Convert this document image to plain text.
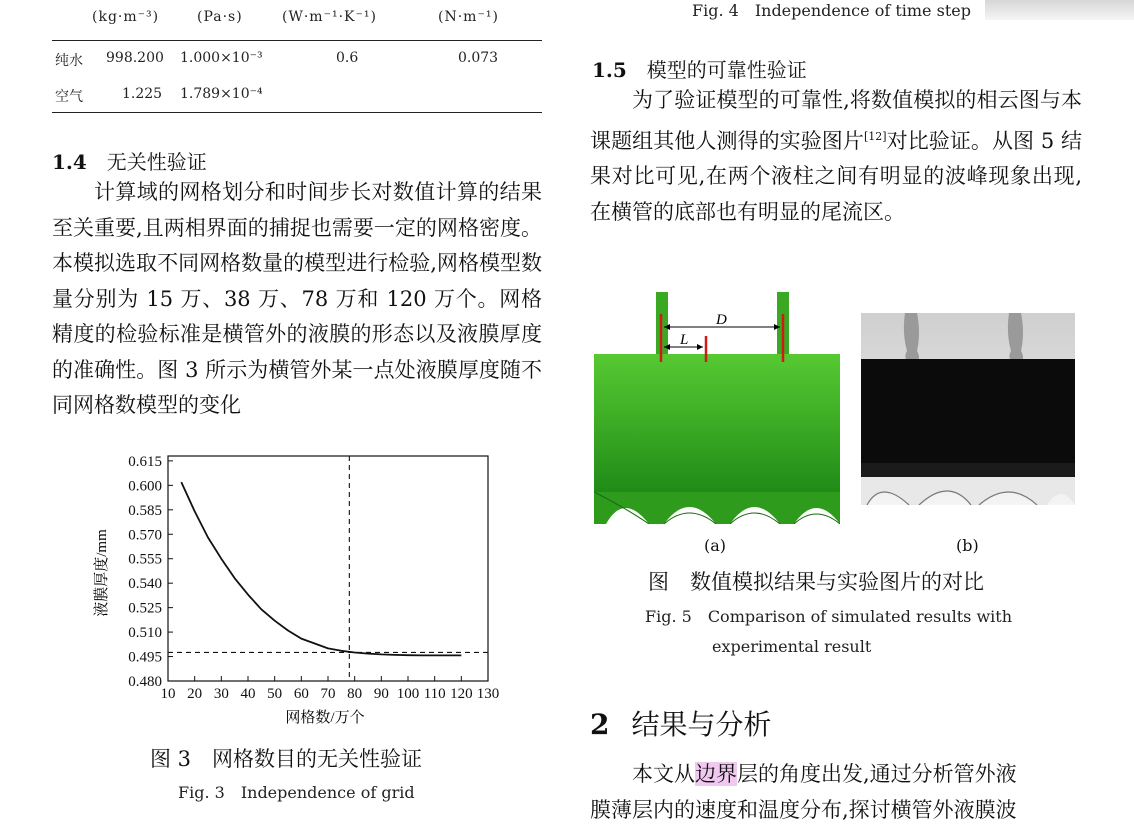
(kg·m⁻³)	(Pa·s)	(W·m⁻¹·K⁻¹)	(N·m⁻¹)
纯水 998.200 1.000×10⁻³	0.6	0.073
空气	1.225 1.789×10⁻⁴
1.4 无关性验证

计算域的网格划分和时间步长对数值计算的结果至关重要,且两相界面的捕捉也需要一定的网格密度。本模拟选取不同网格数量的模型进行检验,网格模型数量分别为 15 万、38 万、78 万和 120 万个。网格精度的检验标准是横管外的液膜的形态以及液膜厚度的准确性。图 3 所示为横管外某一点处液膜厚度随不同网格数模型的变化

10 20 30 40 50 60 70 80 90 100 110 120 130
0.480
0.495
0.510
0.525
0.540
0.555
0.570
0.585
0.600
0.615
网格数/万个
液膜厚度/mm
图 3　网格数目的无关性验证
Fig. 3　Independence of grid
Fig. 4　Independence of time step
1.5 模型的可靠性验证

为了验证模型的可靠性,将数值模拟的相云图与本课题组其他人测得的实验图片[12]对比验证。从图 5 结果对比可见,在两个液柱之间有明显的波峰现象出现,在横管的底部也有明显的尾流区。

D
L
(a)	(b)
图　数值模拟结果与实验图片的对比
Fig. 5　Comparison of simulated results with
experimental result
2 结果与分析

本文从边界层的角度出发,通过分析管外液

膜薄层内的速度和温度分布,探讨横管外液膜波
